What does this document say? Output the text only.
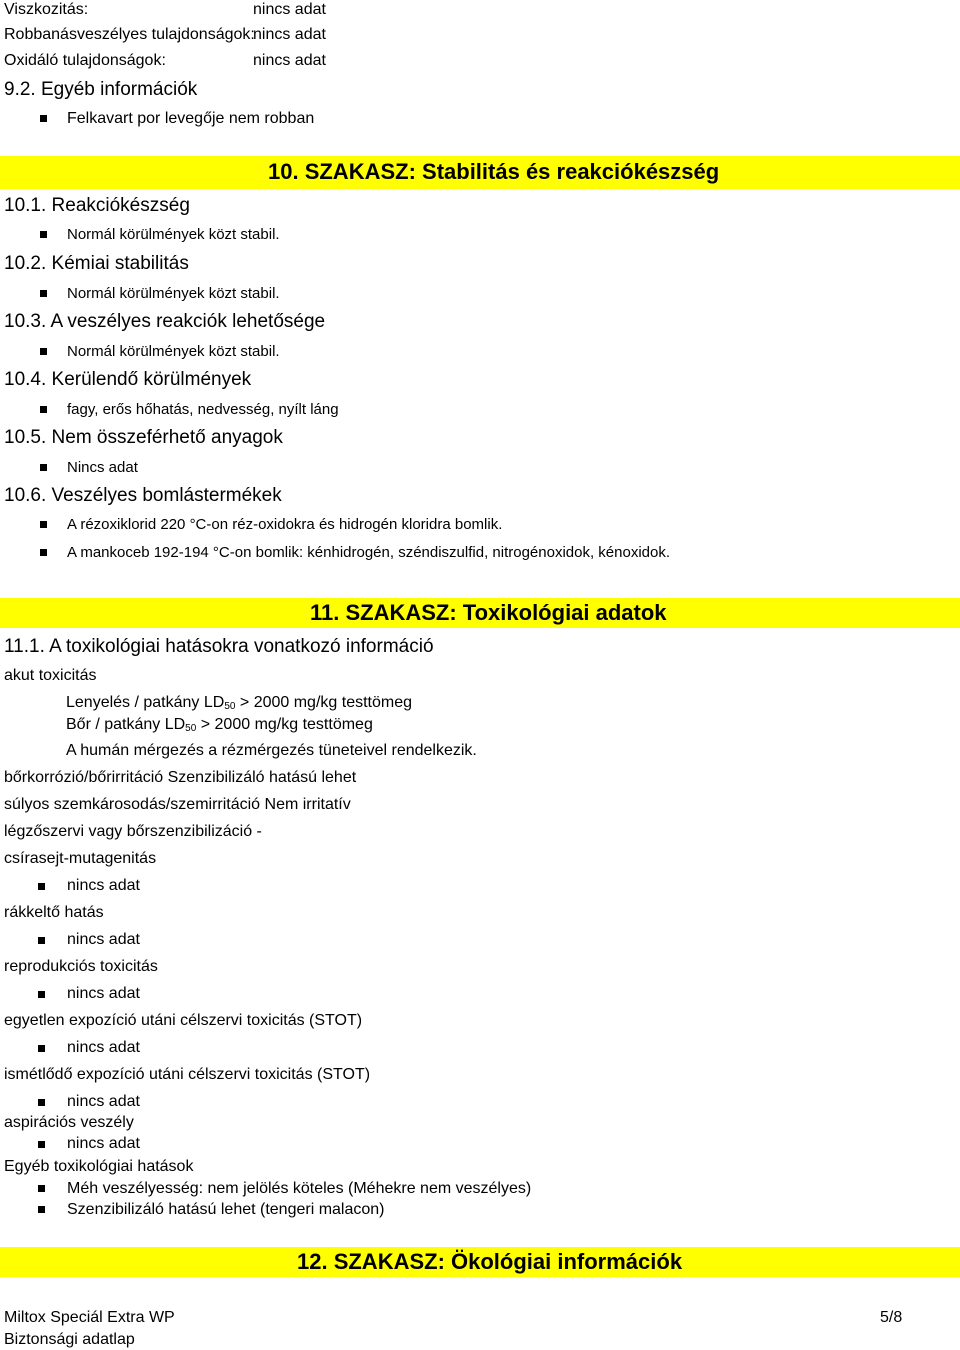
Viszkozitás:	nincs adat
Robbanásveszélyes tulajdonságok:
nincs adat
Oxidáló tulajdonságok:	nincs adat
9.2. Egyéb információk
Felkavart por levegője nem robban
10. SZAKASZ: Stabilitás és reakciókészség
10.1. Reakciókészség
Normál körülmények közt stabil.
10.2. Kémiai stabilitás
Normál körülmények közt stabil.
10.3. A veszélyes reakciók lehetősége
Normál körülmények közt stabil.
10.4. Kerülendő körülmények
fagy, erős hőhatás, nedvesség, nyílt láng
10.5. Nem összeférhető anyagok
Nincs adat
10.6. Veszélyes bomlástermékek
A rézoxiklorid 220 °C-on réz-oxidokra és hidrogén kloridra bomlik.
A mankoceb 192-194 °C-on bomlik: kénhidrogén, széndiszulfid, nitrogénoxidok, kénoxidok.
11. SZAKASZ: Toxikológiai adatok
11.1. A toxikológiai hatásokra vonatkozó információ
akut toxicitás
Lenyelés / patkány $LD_{50} > 2000$ mg/kg testtömeg
Bőr / patkány $LD_{50} > 2000$ mg/kg testtömeg
A humán mérgezés a rézmérgezés tüneteivel rendelkezik.
bőrkorrózió/bőrirritáció Szenzibilizáló hatású lehet
súlyos szemkárosodás/szemirritáció Nem irritatív
légzőszervi vagy bőrszenzibilizáció -
csírasejt-mutagenitás
nincs adat
rákkeltő hatás
nincs adat
reprodukciós toxicitás
nincs adat
egyetlen expozíció utáni célszervi toxicitás (STOT)
nincs adat
ismétlődő expozíció utáni célszervi toxicitás (STOT)
nincs adat
aspirációs veszély
nincs adat
Egyéb toxikológiai hatások
Méh veszélyesség: nem jelölés köteles (Méhekre nem veszélyes)
Szenzibilizáló hatású lehet (tengeri malacon)
12. SZAKASZ: Ökológiai információk
Miltox Speciál Extra WP
Biztonsági adatlap
5/8
